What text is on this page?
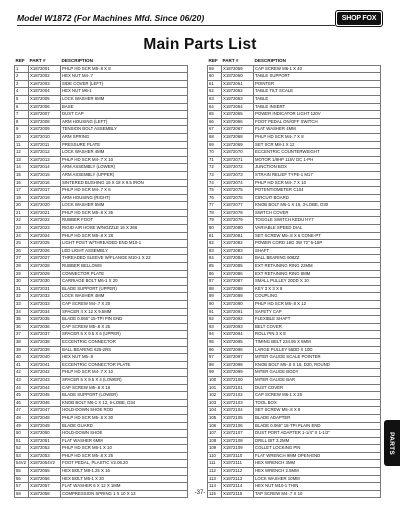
Model W1872 (For Machines Mfd. Since 06/20)	SHOP FOX
Main Parts List
REF	PART #	DESCRIPTION
1	X1872001	PHLP HD SCR M5-.8 X 8
2	X1872002	HEX NUT M4-.7
3	X1872003	SIDE COVER (LEFT)
4	X1872004	HEX NUT M6-1
5	X1872005	LOCK WASHER 6MM
6	X1872006	BASE
7	X1872007	DUST CAP
8	X1872008	ARM HOUSING (LEFT)
9	X1872009	TENSION BOLT ASSEMBLY
10	X1872010	ARM SPRING
11	X1872011	PRESSURE PLATE
12	X1872012	LOCK WASHER 4MM
13	X1872013	PHLP HD SCR M4-.7 X 10
14	X1872014	ARM ASSEMBLY (LOWER)
15	X1872015	ARM ASSEMBLY (UPPER)
16	X1872016	SINTERED BUSHING 16 X 18 X 9.5 IRON
17	X1872017	PHLP HD SCR M4-.7 X 6
19	X1872019	ARM HOUSING (RIGHT)
20	X1872020	LOCK WASHER 5MM
21	X1872021	PHLP HD SCR M5-.8 X 35
22	X1872022	RUBBER FOOT
23	X1872023	RIGID AIR HOSE W/NOZZLE 16 X 266
24	X1872024	PHLP HD SCR M5-.8 X 28
25	X1872025	LIGHT POST W/THREADED END M10-1
26	X1872026	LED LIGHT ASSEMBLY
27	X1872027	THREADED SLEEVE W/FLANGE M10-1 X 22
28	X1872028	RUBBER BELLOWS
29	X1872029	CONNECTOR PLATE
30	X1872030	CARRIAGE BOLT M6-1 X 20
31	X1872031	BLADE SUPPORT (UPPER)
32	X1872032	LOCK WASHER 4MM
33	X1872033	CAP SCREW M4-.7 X 20
34	X1872034	SPACER 4 X 12 X 9.5MM
35	X1872035	BLADE 0.066" 15-TPI PIN END
36	X1872036	CAP SCREW M5-.8 X 25
37	X1872037	SPACER 5 X 9.5 X 6 (UPPER)
38	X1872038	ECCENTRIC CONNECTOR
39	X1872039	BALL BEARING 625-2RS
40	X1872040	HEX NUT M5-.8
41	X1872041	ECCENTRIC CONNECTOR PLATE
42	X1872042	PHLP HD SCR M4-.7 X 10
43	X1872043	SPACER 5 X 9.5 X 4 (LOWER)
44	X1872044	CAP SCREW M5-.8 X 16
45	X1872045	BLADE SUPPORT (LOWER)
46	X1872046	KNOB BOLT M6-1 X 12, 6-LOBE, D34
47	X1872047	HOLD-DOWN SHOE ROD
48	X1872048	PHLP HD SCR M5-.8 X 30
49	X1872049	BLADE GUARD
50	X1872050	HOLD-DOWN SHOE
51	X1872051	FLAT WASHER 6MM
52	X1872052	PHLP HD SCR M6-1 X 10
53	X1872053	PHLP HD SCR M5-.8 X 25
54V2	X1872054V2	FOOT PEDAL, PLASTIC V2.06.20
55	X1872055	HEX BOLT M8-1.25 X 16
56	X1872056	HEX BOLT M6-1 X 20
57	X1872057	FLAT WASHER 6 X 12 X 1MM
58	X1872058	COMPRESSION SPRING 1 X 10 X 13
REF	PART #	DESCRIPTION
59	X1872059	CAP SCREW M6-1 X 40
60	X1872060	TABLE SUPPORT
61	X1872061	POINTER
62	X1872062	TABLE TILT SCALE
63	X1872063	TABLE
64	X1872064	TABLE INSERT
65	X1872065	POWER INDICATOR LIGHT 120V
66	X1872066	FOOT PEDAL ON/OFF SWITCH
67	X1872067	FLAT WASHER 4MM
68	X1872068	PHLP HD SCR M4-.7 X 8
69	X1872069	SET SCR M8-1 X 12
70	X1872070	ECCENTRIC COUNTERWEIGHT
71	X1872071	MOTOR 1/8HP 115V DC 1-PH
72	X1872072	JUNCTION BOX
73	X1872073	STRAIN RELIEF TYPE-1 M17
74	X1872074	PHLP HD SCR M4-.7 X 10
75	X1872075	POTENTIOMETER C104
76	X1872076	CIRCUIT BOARD
77	X1872077	KNOB BOLT M6-1 X 16, 3-LOBE, D30
78	X1872078	SWITCH COVER
79	X1872079	TOGGLE SWITCH KEDU HY7
80	X1872080	VARIABLE SPEED DIAL
81	X1872081	SET SCREW M5-.8 X 6 CONE-PT
82	X1872082	POWER CORD 18G 3W 72" 5-15P
83	X1872083	SHAFT
84	X1872084	BALL BEARING 608ZZ
85	X1872085	EXT RETAINING RING 22MM
86	X1872086	EXT RETAINING RING 8MM
87	X1872087	SMALL PULLEY 20DD X 10
88	X1872088	KEY 3 X 3 X 8
89	X1872089	COUPLING
90	X1872090	PHLP HD SCR M5-.8 X 12
91	X1872091	SAFETY CAP
92	X1872092	FLEXIBLE SHAFT
93	X1872093	BELT COVER
94	X1872094	ROLL PIN 3 X 8
95	X1872095	TIMING BELT 234.95 X 5MM
96	X1872096	LARGE PULLEY 56DD X 10D
97	X1872097	MITER GAUGE SCALE POINTER
98	X1872098	KNOB BOLT M5-.8 X 16, D20, ROUND
99	X1872099	MITER GAUGE BODY
100	X1872100	MITER GAUGE BAR
101	X1872101	DUST COVER
102	X1872102	CAP SCREW M6-1 X 25
103	X1872103	TOOL BOX
104	X1872104	SET SCREW M5-.8 X 8
105	X1872105	BLADE ADAPTER
106	X1872106	BLADE 0.066" 18-TPI PLAIN END
107	X1872107	DUST PORT ADAPTER 1-1/4" X 1-1/2"
108	X1872108	DRILL BIT 3.2MM
109	X1872109	COLLET LOCKING PIN
110	X1872110	FLAT WRENCH 9MM OPEN-END
111	X1872111	HEX WRENCH 3MM
112	X1872112	HEX WRENCH 2.5MM
113	X1872113	LOCK WASHER 10MM
114	X1872114	HEX NUT M10-1 THIN
115	X1872115	TAP SCREW M4-.7 X 10
-37-
PARTS
